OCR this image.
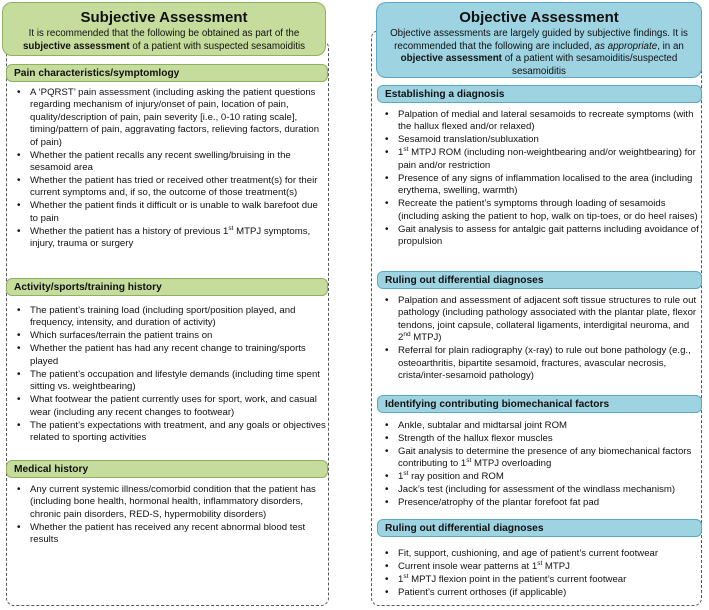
Subjective Assessment
It is recommended that the following be obtained as part of the
subjective assessment of a patient with suspected sesamoiditis
Pain characteristics/symptomlogy
• A ‘PQRST’ pain assessment (including asking the patient questions regarding mechanism of injury/onset of pain, location of pain, quality/description of pain, pain severity [i.e., 0-10 rating scale], timing/pattern of pain, aggravating factors, relieving factors, duration of pain)
• Whether the patient recalls any recent swelling/bruising in the sesamoid area
• Whether the patient has tried or received other treatment(s) for their current symptoms and, if so, the outcome of those treatment(s)
• Whether the patient finds it difficult or is unable to walk barefoot due to pain
• Whether the patient has a history of previous 1st MTPJ symptoms, injury, trauma or surgery
Activity/sports/training history
• The patient’s training load (including sport/position played, and frequency, intensity, and duration of activity)
• Which surfaces/terrain the patient trains on
• Whether the patient has had any recent change to training/sports played
• The patient’s occupation and lifestyle demands (including time spent sitting vs. weightbearing)
• What footwear the patient currently uses for sport, work, and casual wear (including any recent changes to footwear)
• The patient’s expectations with treatment, and any goals or objectives related to sporting activities
Medical history
• Any current systemic illness/comorbid condition that the patient has (including bone health, hormonal health, inflammatory disorders, chronic pain disorders, RED-S, hypermobility disorders)
• Whether the patient has received any recent abnormal blood test results
Objective Assessment
Objective assessments are largely guided by subjective findings. It is recommended that the following are included, as appropriate, in an objective assessment of a patient with sesamoiditis/suspected sesamoiditis
Establishing a diagnosis
• Palpation of medial and lateral sesamoids to recreate symptoms (with the hallux flexed and/or relaxed)
• Sesamoid translation/subluxation
• 1st MTPJ ROM (including non-weightbearing and/or weightbearing) for pain and/or restriction
• Presence of any signs of inflammation localised to the area (including erythema, swelling, warmth)
• Recreate the patient’s symptoms through loading of sesamoids (including asking the patient to hop, walk on tip-toes, or do heel raises)
• Gait analysis to assess for antalgic gait patterns including avoidance of propulsion
Ruling out differential diagnoses
• Palpation and assessment of adjacent soft tissue structures to rule out pathology (including pathology associated with the plantar plate, flexor tendons, joint capsule, collateral ligaments, interdigital neuroma, and 2nd MTPJ)
• Referral for plain radiography (x-ray) to rule out bone pathology (e.g., osteoarthritis, bipartite sesamoid, fractures, avascular necrosis, crista/inter-sesamoid pathology)
Identifying contributing biomechanical factors
• Ankle, subtalar and midtarsal joint ROM
• Strength of the hallux flexor muscles
• Gait analysis to determine the presence of any biomechanical factors contributing to 1st MTPJ overloading
• 1st ray position and ROM
• Jack’s test (including for assessment of the windlass mechanism)
• Presence/atrophy of the plantar forefoot fat pad
Ruling out differential diagnoses
• Fit, support, cushioning, and age of patient’s current footwear
• Current insole wear patterns at 1st MTPJ
• 1st MPTJ flexion point in the patient’s current footwear
• Patient’s current orthoses (if applicable)
